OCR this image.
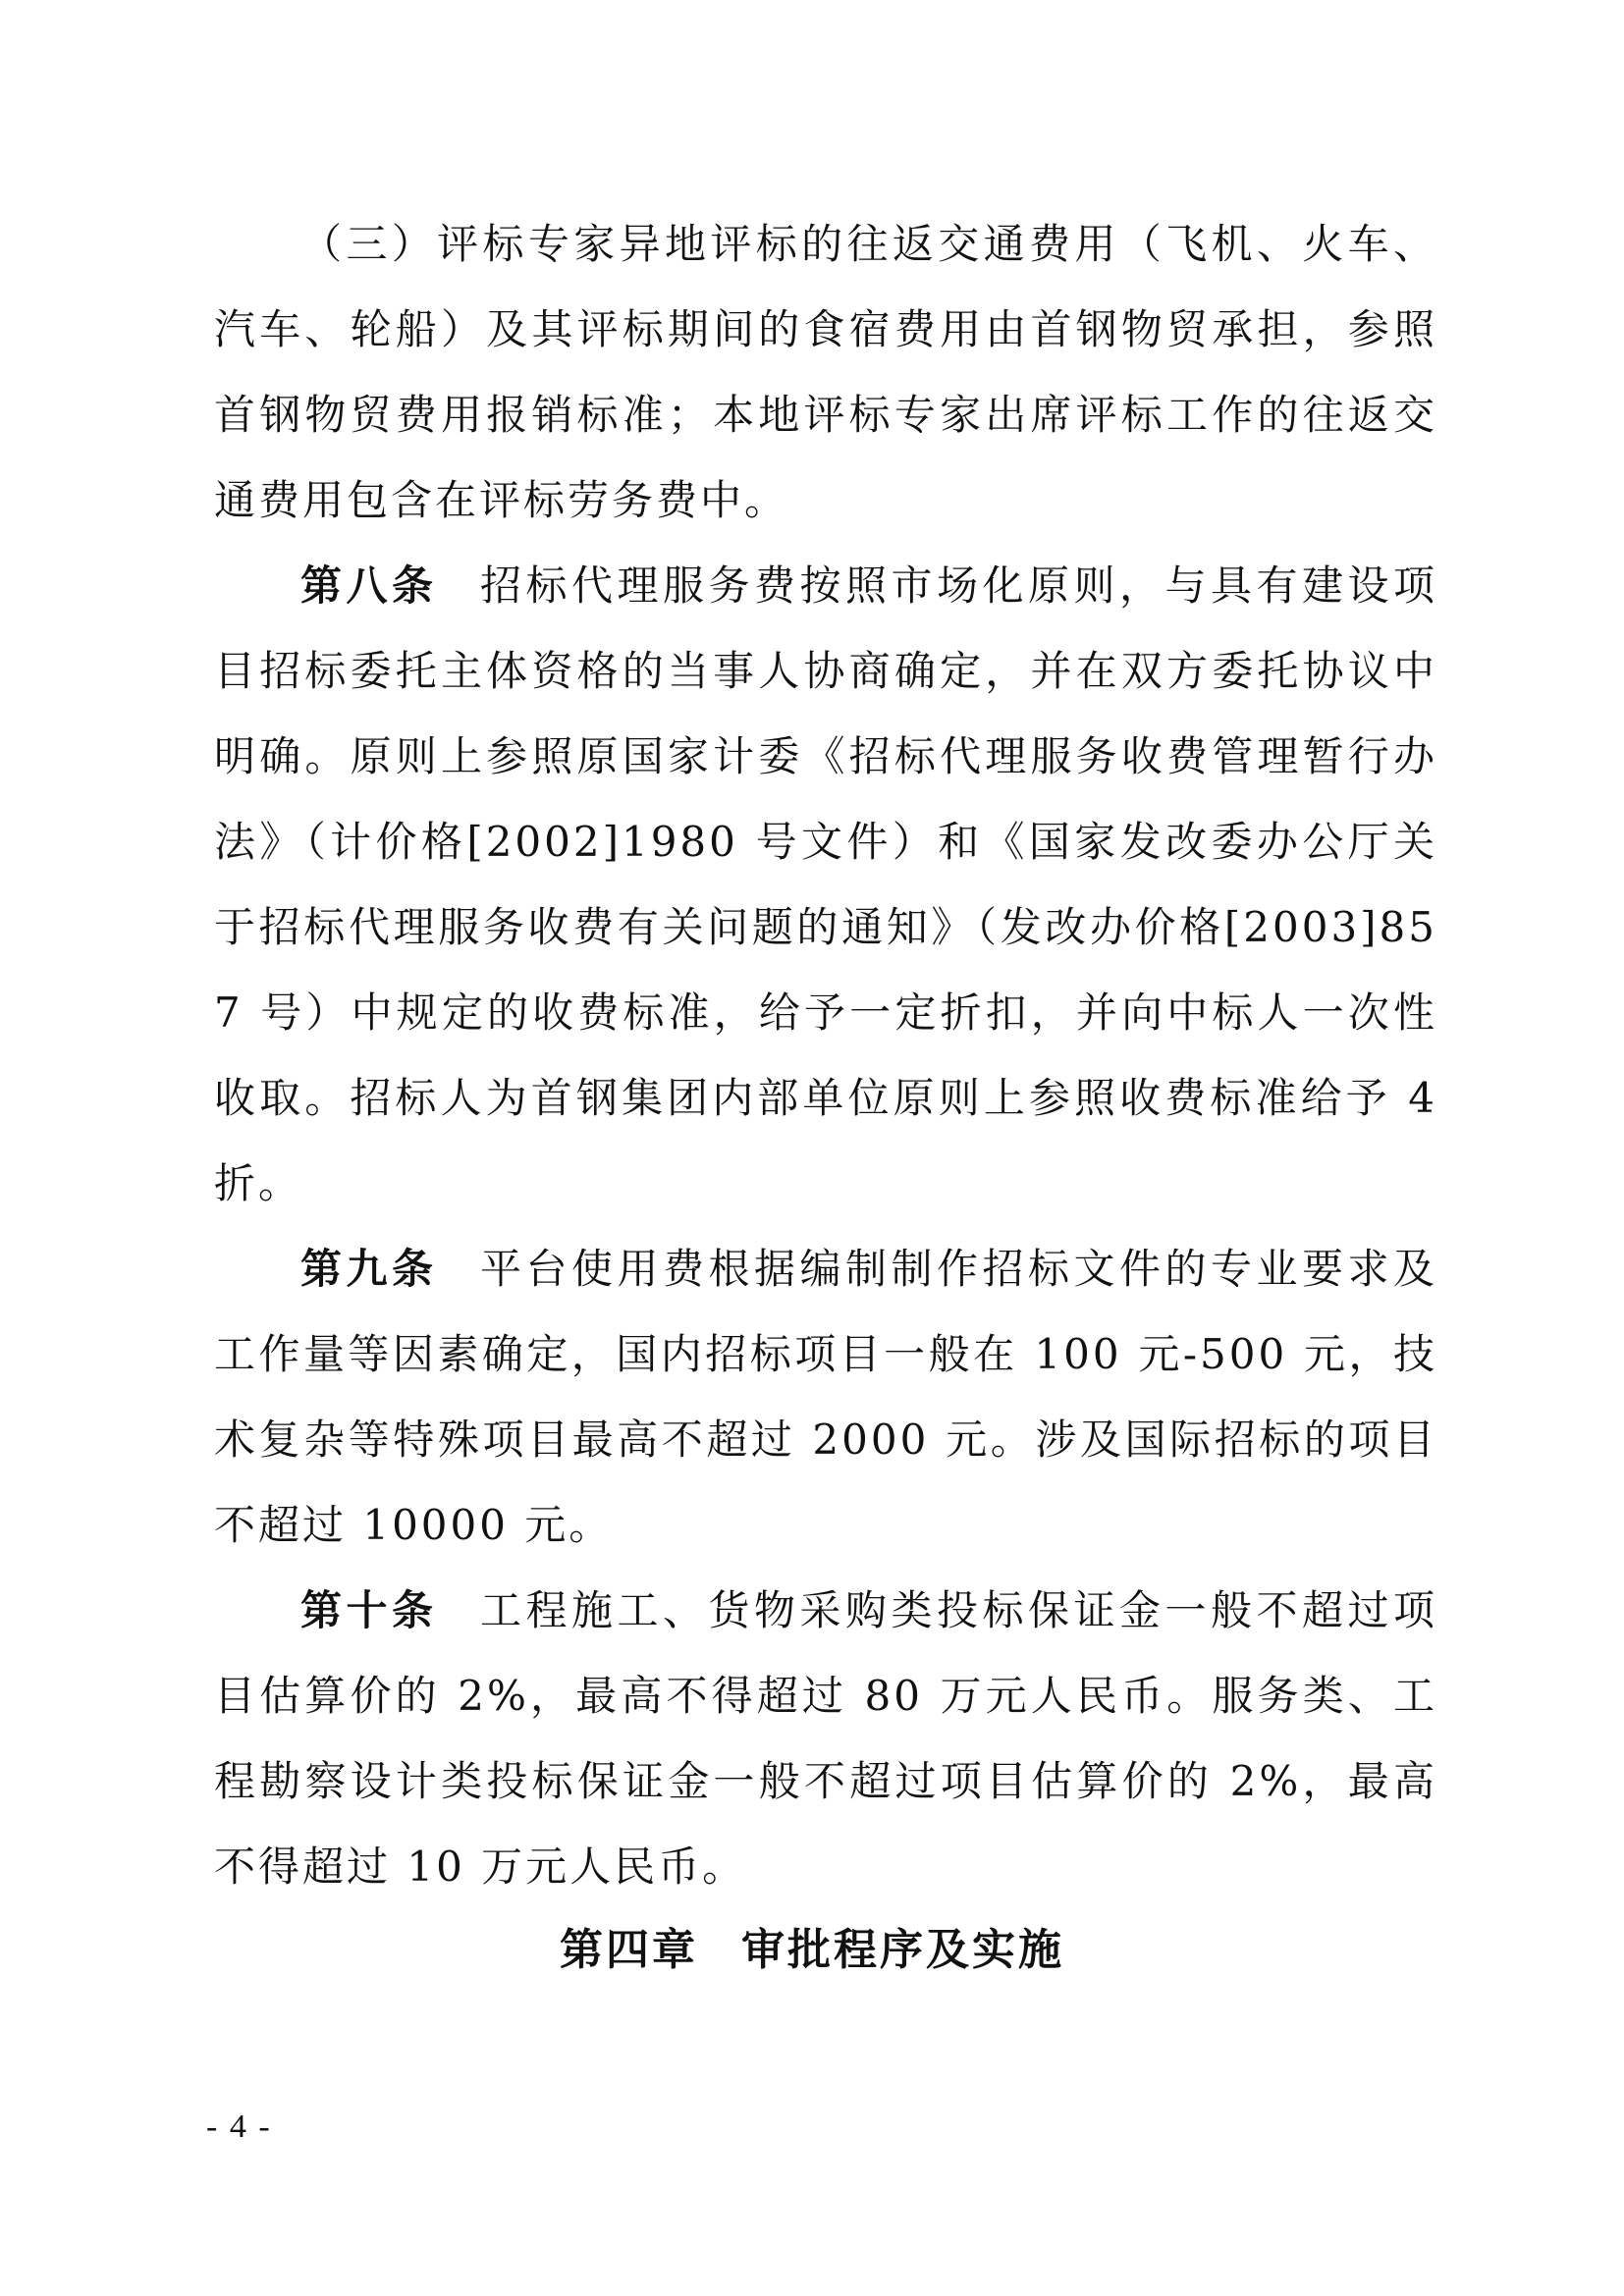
（三）评标专家异地评标的往返交通费用（飞机、火车、汽车、轮船）及其评标期间的食宿费用由首钢物贸承担，参照首钢物贸费用报销标准；本地评标专家出席评标工作的往返交通费用包含在评标劳务费中。

第八条 招标代理服务费按照市场化原则，与具有建设项目招标委托主体资格的当事人协商确定，并在双方委托协议中明确。原则上参照原国家计委《招标代理服务收费管理暂行办法》（计价格[2002]1980 号文件）和《国家发改委办公厅关于招标代理服务收费有关问题的通知》（发改办价格[2003]857 号）中规定的收费标准，给予一定折扣，并向中标人一次性收取。招标人为首钢集团内部单位原则上参照收费标准给予 4 折。

第九条 平台使用费根据编制制作招标文件的专业要求及工作量等因素确定，国内招标项目一般在 100 元-500 元，技术复杂等特殊项目最高不超过 2000 元。涉及国际招标的项目不超过 10000 元。

第十条 工程施工、货物采购类投标保证金一般不超过项目估算价的 2%，最高不得超过 80 万元人民币。服务类、工程勘察设计类投标保证金一般不超过项目估算价的 2%，最高不得超过 10 万元人民币。

第四章 审批程序及实施

- 4 -
